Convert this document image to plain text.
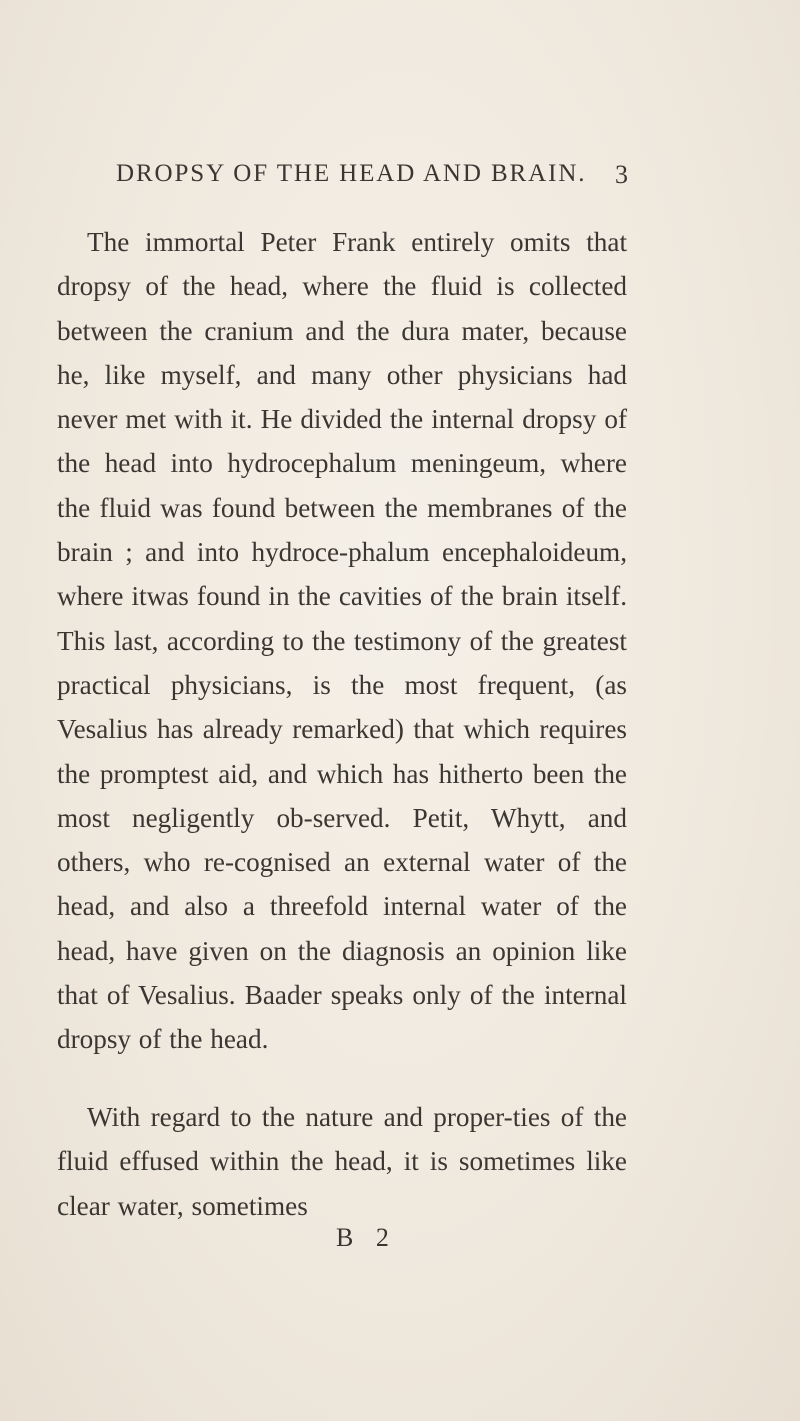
DROPSY OF THE HEAD AND BRAIN. 3

The immortal Peter Frank entirely omits that dropsy of the head, where the fluid is collected between the cranium and the dura mater, because he, like myself, and many other physicians had never met with it. He divided the internal dropsy of the head into hydrocephalum meningeum, where the fluid was found between the membranes of the brain ; and into hydroce-phalum encephaloideum, where itwas found in the cavities of the brain itself. This last, according to the testimony of the greatest practical physicians, is the most frequent, (as Vesalius has already remarked) that which requires the promptest aid, and which has hitherto been the most negligently ob-served. Petit, Whytt, and others, who re-cognised an external water of the head, and also a threefold internal water of the head, have given on the diagnosis an opinion like that of Vesalius. Baader speaks only of the internal dropsy of the head.

With regard to the nature and proper-ties of the fluid effused within the head, it is sometimes like clear water, sometimes

B 2
